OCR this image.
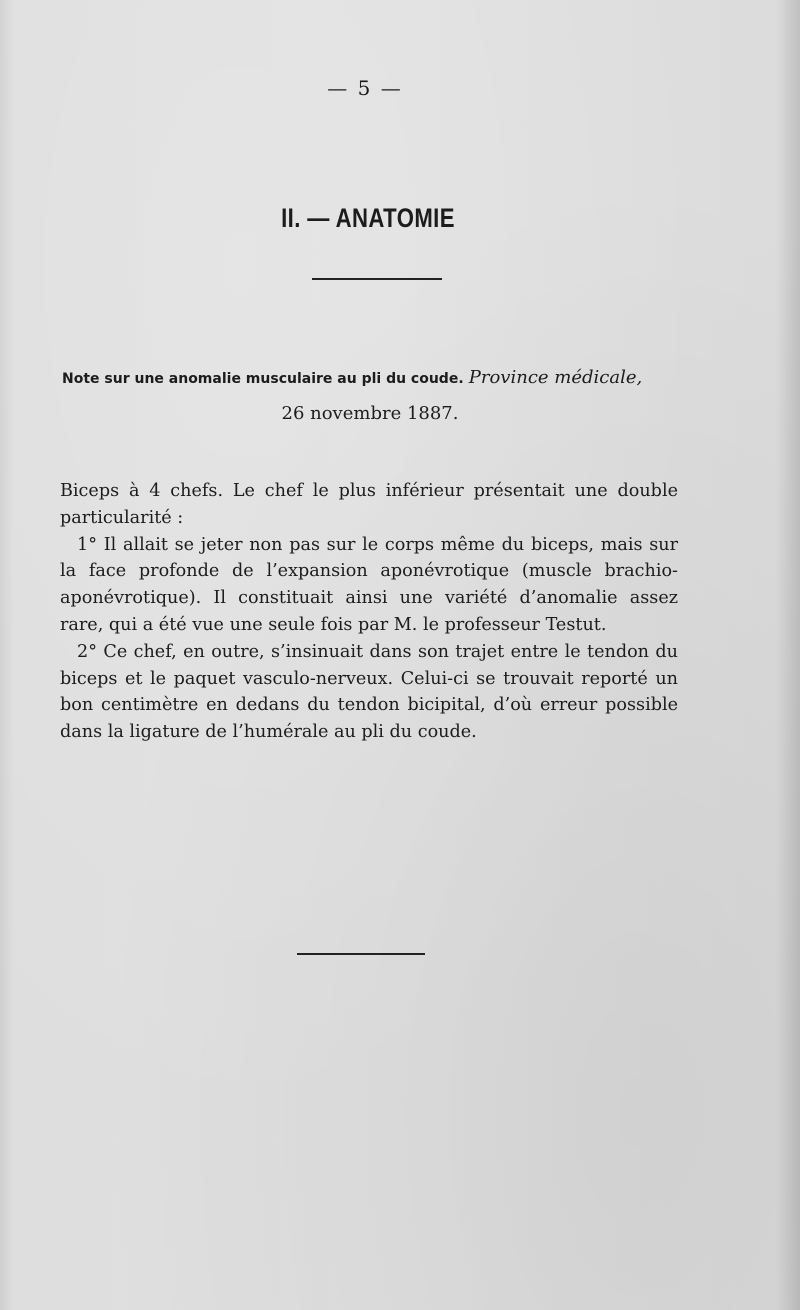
— 5 —
II. — ANATOMIE
Note sur une anomalie musculaire au pli du coude. Province médicale,
26 novembre 1887.

Biceps à 4 chefs. Le chef le plus inférieur présentait une double particularité :

1° Il allait se jeter non pas sur le corps même du biceps, mais sur la face profonde de l’expansion aponévrotique (muscle brachio-aponévrotique). Il constituait ainsi une variété d’anomalie assez rare, qui a été vue une seule fois par M. le professeur Testut.

2° Ce chef, en outre, s’insinuait dans son trajet entre le tendon du biceps et le paquet vasculo-nerveux. Celui-ci se trouvait reporté un bon centimètre en dedans du tendon bicipital, d’où erreur possible dans la ligature de l’humérale au pli du coude.
